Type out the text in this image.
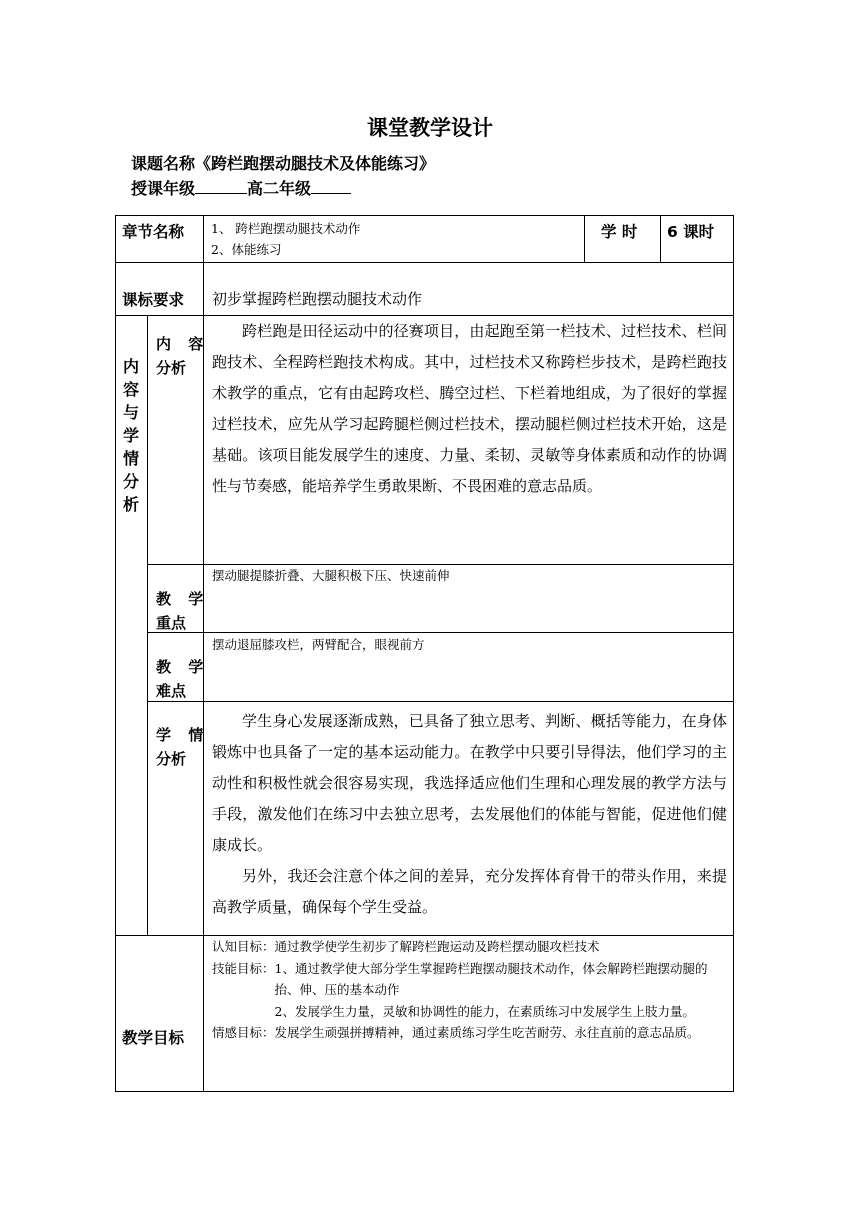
课堂教学设计
课题名称《跨栏跑摆动腿技术及体能练习》
授课年级	高二年级
章节名称 1、 跨栏跑摆动腿技术动作
2、体能练习
学 时 6 课时
课标要求 初步掌握跨栏跑摆动腿技术动作
内容与学情分析
内 容
分析
跨栏跑是田径运动中的径赛项目，由起跑至第一栏技术、过栏技术、栏间跑技术、全程跨栏跑技术构成。其中，过栏技术又称跨栏步技术，是跨栏跑技术教学的重点，它有由起跨攻栏、腾空过栏、下栏着地组成，为了很好的掌握过栏技术，应先从学习起跨腿栏侧过栏技术，摆动腿栏侧过栏技术开始，这是基础。该项目能发展学生的速度、力量、柔韧、灵敏等身体素质和动作的协调性与节奏感，能培养学生勇敢果断、不畏困难的意志品质。
教 学
重点
摆动腿提膝折叠、大腿积极下压、快速前伸
教 学
难点
摆动退屈膝攻栏，两臂配合，眼视前方
学 情
分析
学生身心发展逐渐成熟，已具备了独立思考、判断、概括等能力，在身体锻炼中也具备了一定的基本运动能力。在教学中只要引导得法，他们学习的主动性和积极性就会很容易实现，我选择适应他们生理和心理发展的教学方法与手段，激发他们在练习中去独立思考，去发展他们的体能与智能，促进他们健康成长。
另外，我还会注意个体之间的差异，充分发挥体育骨干的带头作用，来提高教学质量，确保每个学生受益。
教学目标
认知目标： 通过教学使学生初步了解跨栏跑运动及跨栏摆动腿攻栏技术
技能目标： 1、通过教学使大部分学生掌握跨栏跑摆动腿技术动作，体会解跨栏跑摆动腿的抬、伸、压的基本动作
2、发展学生力量，灵敏和协调性的能力，在素质练习中发展学生上肢力量。
情感目标：发展学生顽强拼搏精神，通过素质练习学生吃苦耐劳、永往直前的意志品质。
